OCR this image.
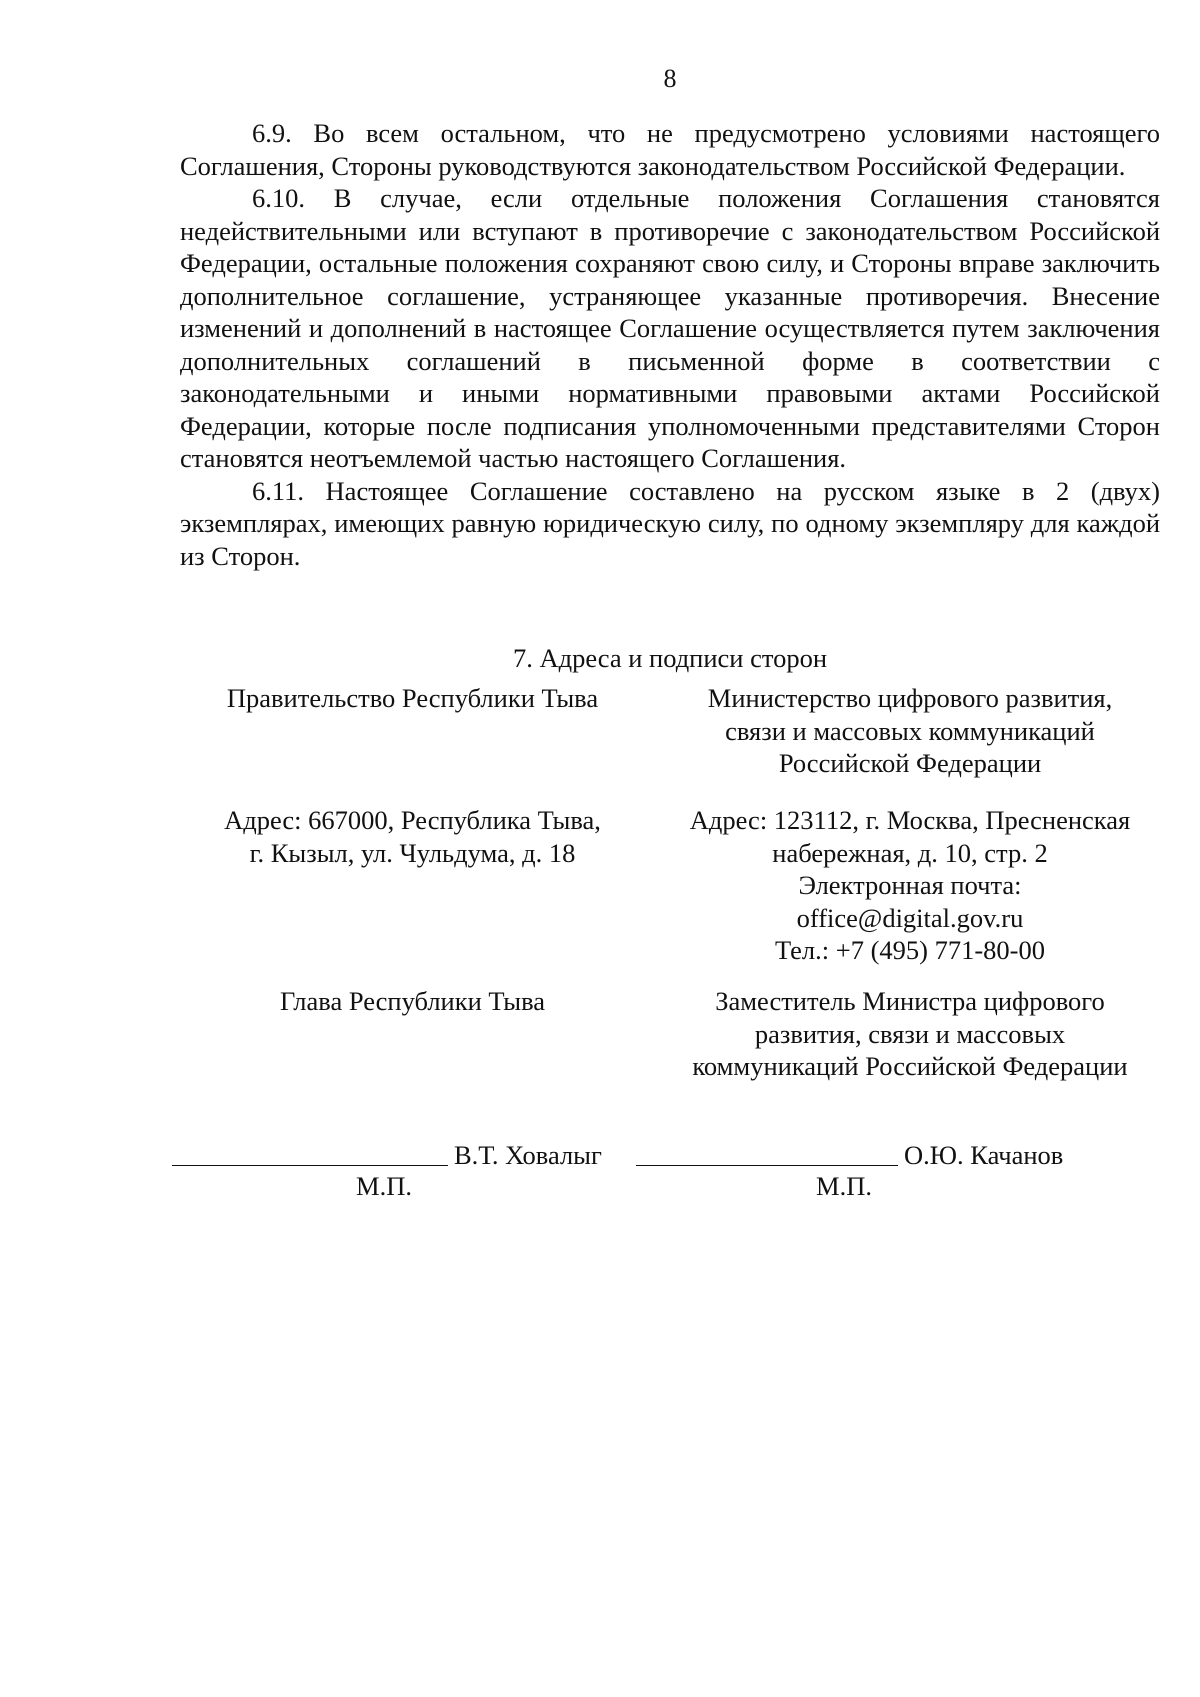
8

6.9. Во всем остальном, что не предусмотрено условиями настоящего Соглашения, Стороны руководствуются законодательством Российской Федерации.

6.10. В случае, если отдельные положения Соглашения становятся недействительными или вступают в противоречие с законодательством Российской Федерации, остальные положения сохраняют свою силу, и Стороны вправе заключить дополнительное соглашение, устраняющее указанные противоречия. Внесение изменений и дополнений в настоящее Соглашение осуществляется путем заключения дополнительных соглашений в письменной форме в соответствии с законодательными и иными нормативными правовыми актами Российской Федерации, которые после подписания уполномоченными представителями Сторон становятся неотъемлемой частью настоящего Соглашения.

6.11. Настоящее Соглашение составлено на русском языке в 2 (двух) экземплярах, имеющих равную юридическую силу, по одному экземпляру для каждой из Сторон.

7. Адреса и подписи сторон
Правительство Республики Тыва	Министерство цифрового развития,
связи и массовых коммуникаций
Российской Федерации
Адрес: 667000, Республика Тыва,
г. Кызыл, ул. Чульдума, д. 18
Адрес: 123112, г. Москва, Пресненская
набережная, д. 10, стр. 2
Электронная почта:
office@digital.gov.ru
Тел.: +7 (495) 771-80-00
Глава Республики Тыва	Заместитель Министра цифрового
развития, связи и массовых
коммуникаций Российской Федерации
В.Т. Ховалыг
М.П.
О.Ю. Качанов
М.П.
